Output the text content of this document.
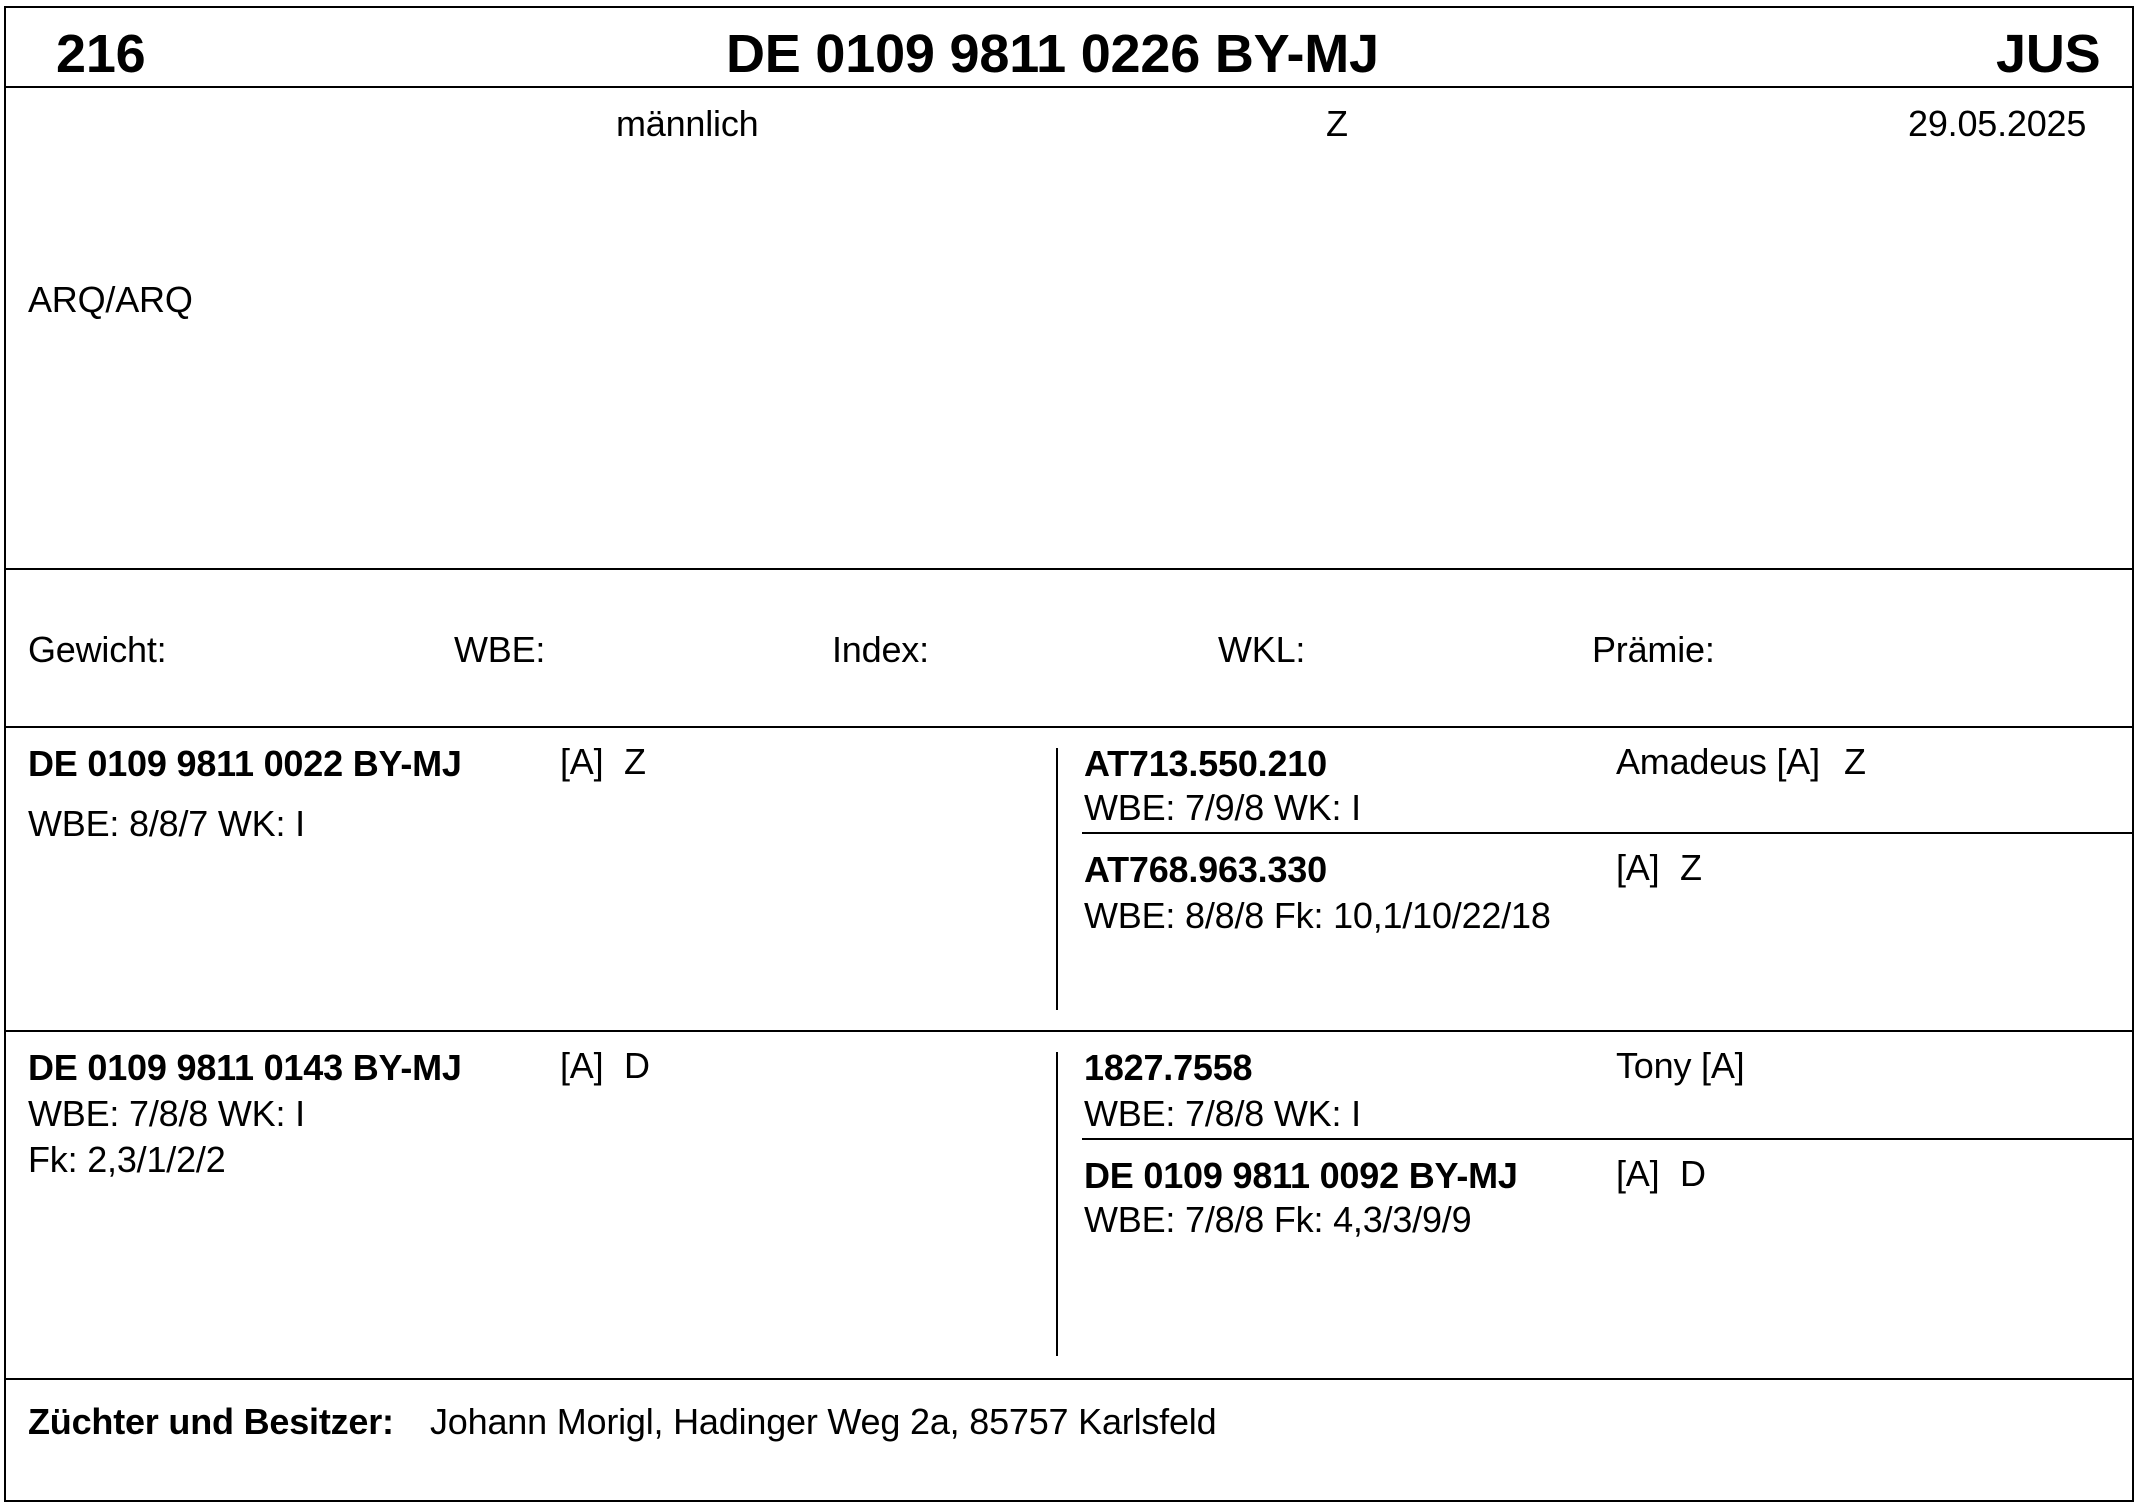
216	DE 0109 9811 0226 BY-MJ	JUS
männlich	Z	29.05.2025
ARQ/ARQ
Gewicht:	WBE:	Index:	WKL:	Prämie:
DE 0109 9811 0022 BY-MJ	[A] Z
WBE: 8/8/7 WK: I
AT713.550.210	Amadeus [A] Z
WBE: 7/9/8 WK: I
AT768.963.330	[A] Z
WBE: 8/8/8 Fk: 10,1/10/22/18
DE 0109 9811 0143 BY-MJ	[A] D
WBE: 7/8/8 WK: I
Fk: 2,3/1/2/2
1827.7558	Tony [A]
WBE: 7/8/8 WK: I
DE 0109 9811 0092 BY-MJ	[A] D
WBE: 7/8/8 Fk: 4,3/3/9/9
Züchter und Besitzer: Johann Morigl, Hadinger Weg 2a, 85757 Karlsfeld
